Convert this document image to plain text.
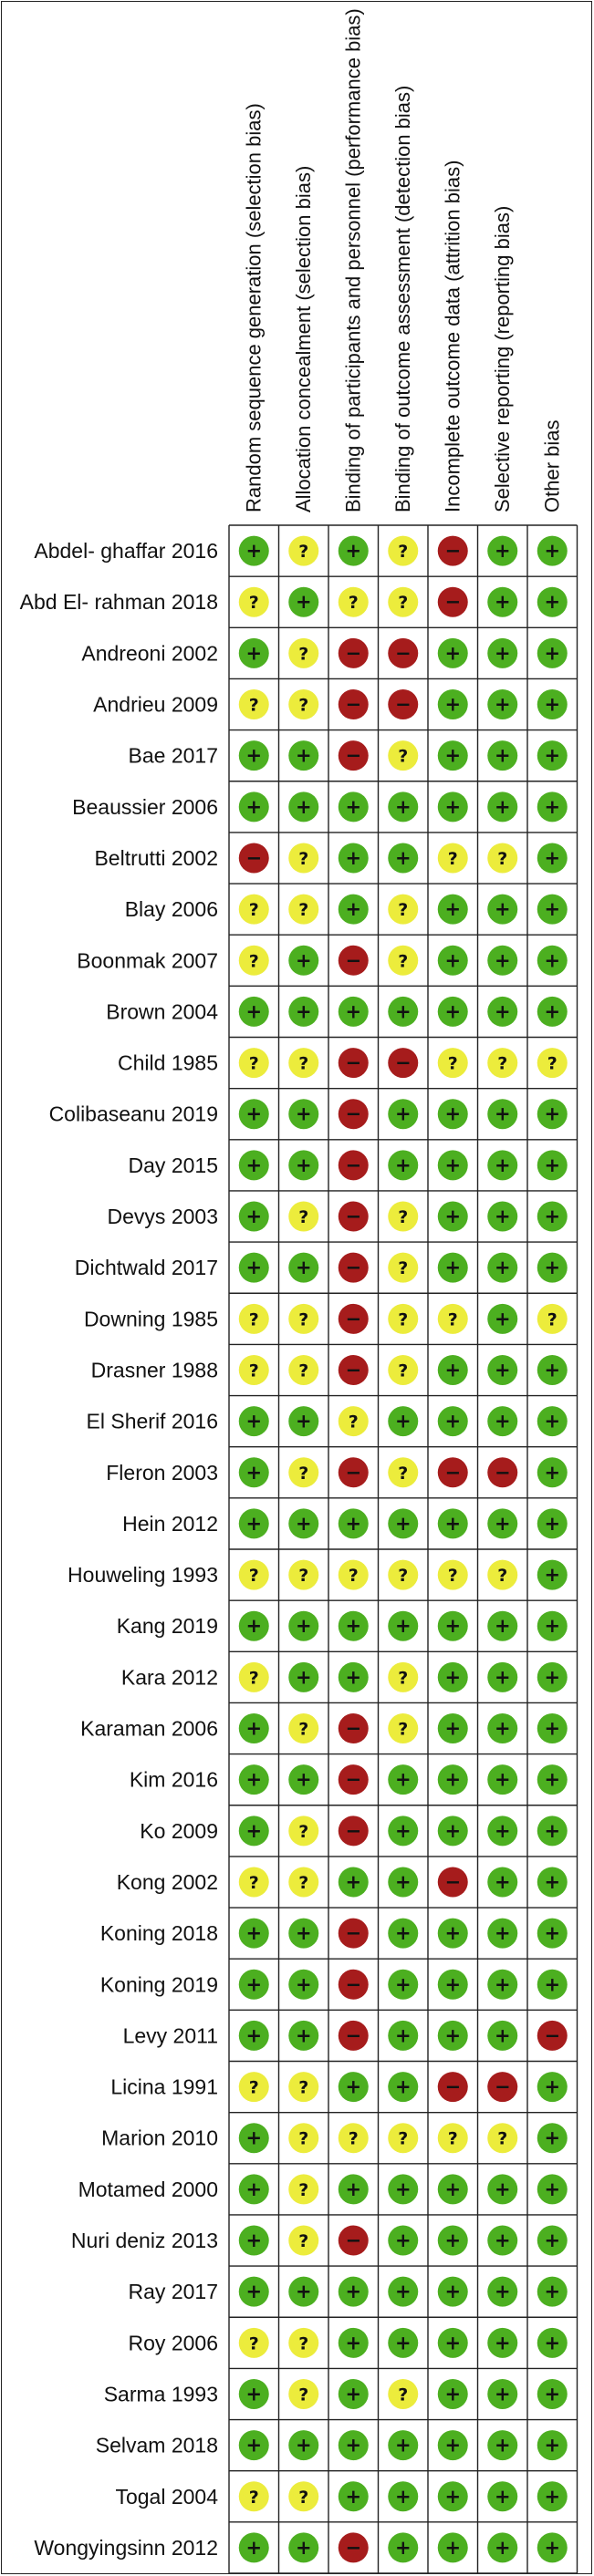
Random sequence generation (selection bias) Allocation concealment (selection bias) Binding of participants and personnel (performance bias) Binding of outcome assessment (detection bias) Incomplete outcome data (attrition bias) Selective reporting (reporting bias) Other bias
Abdel- ghaffar 2016
Abd El- rahman 2018
Andreoni 2002
Andrieu 2009
Bae 2017
Beaussier 2006
Beltrutti 2002
Blay 2006
Boonmak 2007
Brown 2004
Child 1985
Colibaseanu 2019
Day 2015
Devys 2003
Dichtwald 2017
Downing 1985
Drasner 1988
El Sherif 2016
Fleron 2003
Hein 2012
Houweling 1993
Kang 2019
Kara 2012
Karaman 2006
Kim 2016
Ko 2009
Kong 2002
Koning 2018
Koning 2019
Levy 2011
Licina 1991
Marion 2010
Motamed 2000
Nuri deniz 2013
Ray 2017
Roy 2006
Sarma 1993
Selvam 2018
Togal 2004
Wongyingsinn 2012
+ ? + ? − + +
? + ? ? − + +
+ ? − − + + +
? ? − − + + +
+ + − ? + + +
+ + + + + + +
− ? + + ? ? +
? ? + ? + + +
? + − ? + + +
+ + + + + + +
? ? − − ? ? ?
+ + − + + + +
+ + − + + + +
+ ? − ? + + +
+ + − ? + + +
? ? − ? ? + ?
? ? − ? + + +
+ + ? + + + +
+ ? − ? − − +
+ + + + + + +
? ? ? ? ? ? +
+ + + + + + +
? + + ? + + +
+ ? − ? + + +
+ + − + + + +
+ ? − + + + +
? ? + + − + +
+ + − + + + +
+ + − + + + +
+ + − + + + −
? ? + + − − +
+ ? ? ? ? ? +
+ ? + + + + +
+ ? − + + + +
+ + + + + + +
? ? + + + + +
+ ? + ? + + +
+ + + + + + +
? ? + + + + +
+ + − + + + +
